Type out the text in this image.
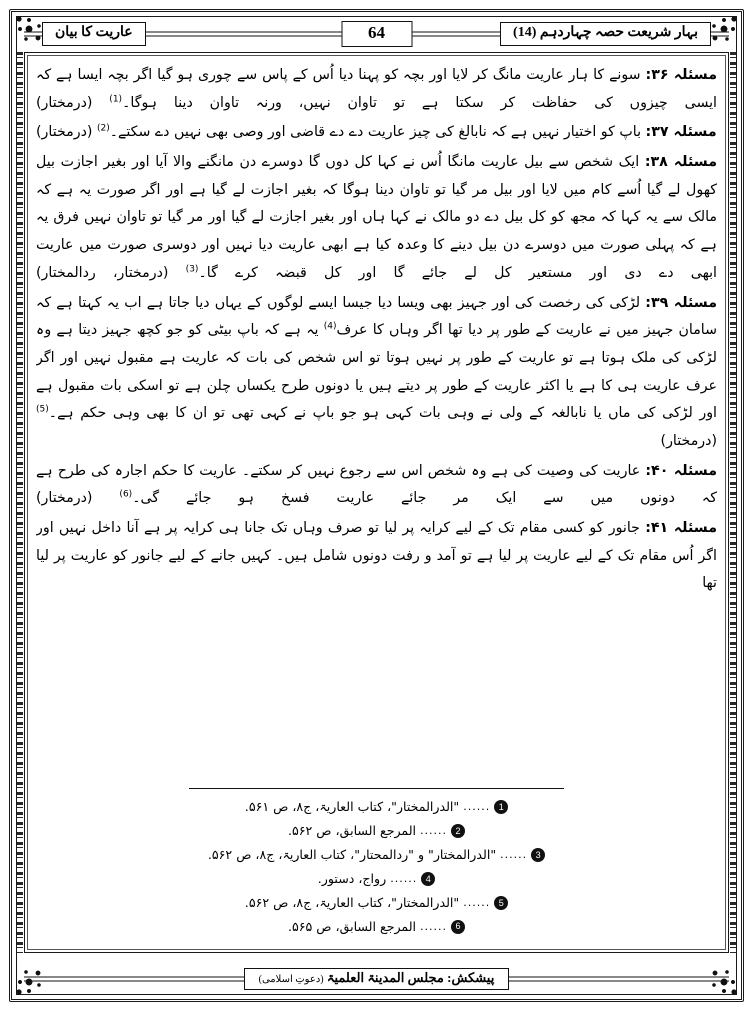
بہار شریعت حصہ چہاردہم (14)
64
عاریت کا بیان

مسئلہ ۳۶: سونے کا ہار عاریت مانگ کر لایا اور بچہ کو پہنا دیا اُس کے پاس سے چوری ہو گیا اگر بچہ ایسا ہے کہ ایسی چیزوں کی حفاظت کر سکتا ہے تو تاوان نہیں، ورنہ تاوان دینا ہوگا۔$^{(1)}$ (درمختار)

مسئلہ ۳۷: باپ کو اختیار نہیں ہے کہ نابالغ کی چیز عاریت دے دے قاضی اور وصی بھی نہیں دے سکتے۔$^{(2)}$ (درمختار)

مسئلہ ۳۸: ایک شخص سے بیل عاریت مانگا اُس نے کہا کل دوں گا دوسرے دن مانگنے والا آیا اور بغیر اجازت بیل کھول لے گیا اُسے کام میں لایا اور بیل مر گیا تو تاوان دینا ہوگا کہ بغیر اجازت لے گیا ہے اور اگر صورت یہ ہے کہ مالک سے یہ کہا کہ مجھ کو کل بیل دے دو مالک نے کہا ہاں اور بغیر اجازت لے گیا اور مر گیا تو تاوان نہیں فرق یہ ہے کہ پہلی صورت میں دوسرے دن بیل دینے کا وعدہ کیا ہے ابھی عاریت دیا نہیں اور دوسری صورت میں عاریت ابھی دے دی اور مستعیر کل لے جائے گا اور کل قبضہ کرے گا۔$^{(3)}$ (درمختار، ردالمختار)

مسئلہ ۳۹: لڑکی کی رخصت کی اور جہیز بھی ویسا دیا جیسا ایسے لوگوں کے یہاں دیا جاتا ہے اب یہ کہتا ہے کہ سامان جہیز میں نے عاریت کے طور پر دیا تھا اگر وہاں کا عرف$^{(4)}$ یہ ہے کہ باپ بیٹی کو جو کچھ جہیز دیتا ہے وہ لڑکی کی ملک ہوتا ہے تو عاریت کے طور پر نہیں ہوتا تو اس شخص کی بات کہ عاریت ہے مقبول نہیں اور اگر عرف عاریت ہی کا ہے یا اکثر عاریت کے طور پر دیتے ہیں یا دونوں طرح یکساں چلن ہے تو اسکی بات مقبول ہے اور لڑکی کی ماں یا نابالغہ کے ولی نے وہی بات کہی ہو جو باپ نے کہی تھی تو ان کا بھی وہی حکم ہے۔$^{(5)}$ (درمختار)

مسئلہ ۴۰: عاریت کی وصیت کی ہے وہ شخص اس سے رجوع نہیں کر سکتے۔ عاریت کا حکم اجارہ کی طرح ہے کہ دونوں میں سے ایک مر جائے عاریت فسخ ہو جائے گی۔$^{(6)}$ (درمختار)

مسئلہ ۴۱: جانور کو کسی مقام تک کے لیے کرایہ پر لیا تو صرف وہاں تک جانا ہی کرایہ پر ہے آنا داخل نہیں اور اگر اُس مقام تک کے لیے عاریت پر لیا ہے تو آمد و رفت دونوں شامل ہیں۔ کہیں جانے کے لیے جانور کو عاریت پر لیا تھا

1
......
"الدرالمختار"، کتاب العاریۃ، ج۸، ص ۵۶۱.
2
......
المرجع السابق، ص ۵۶۲.
3
......
"الدرالمختار" و "ردالمحتار"، کتاب العاریۃ، ج۸، ص ۵۶۲.
4
......
رواج، دستور.
5
......
"الدرالمختار"، کتاب العاریۃ، ج۸، ص ۵۶۲.
6
......
المرجع السابق، ص ۵۶۵.
پیشکش: مجلس المدینۃ العلمیۃ (دعوتِ اسلامی)
